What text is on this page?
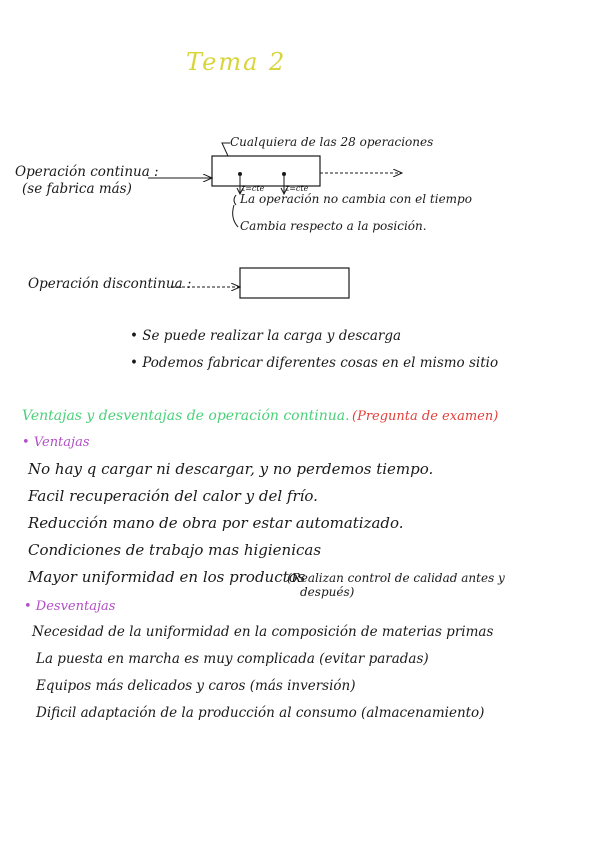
Tema 2
Cualquiera de las 28 operaciones
Operación continua :
(se fabrica más)	t=cte	t=cte
La operación no cambia con el tiempo
Cambia respecto a la posición.
Operación discontinua :
• Se puede realizar la carga y descarga
• Podemos fabricar diferentes cosas en el mismo sitio
Ventajas y desventajas de operación continua. (Pregunta de examen)
• Ventajas
No hay q cargar ni descargar, y no perdemos tiempo.
Facil recuperación del calor y del frío.
Reducción mano de obra por estar automatizado.
Condiciones de trabajo mas higienicas
Mayor uniformidad en los productos
(Realizan control de calidad antes y
después)
• Desventajas
Necesidad de la uniformidad en la composición de materias primas
La puesta en marcha es muy complicada (evitar paradas)
Equipos más delicados y caros (más inversión)
Dificil adaptación de la producción al consumo (almacenamiento)
